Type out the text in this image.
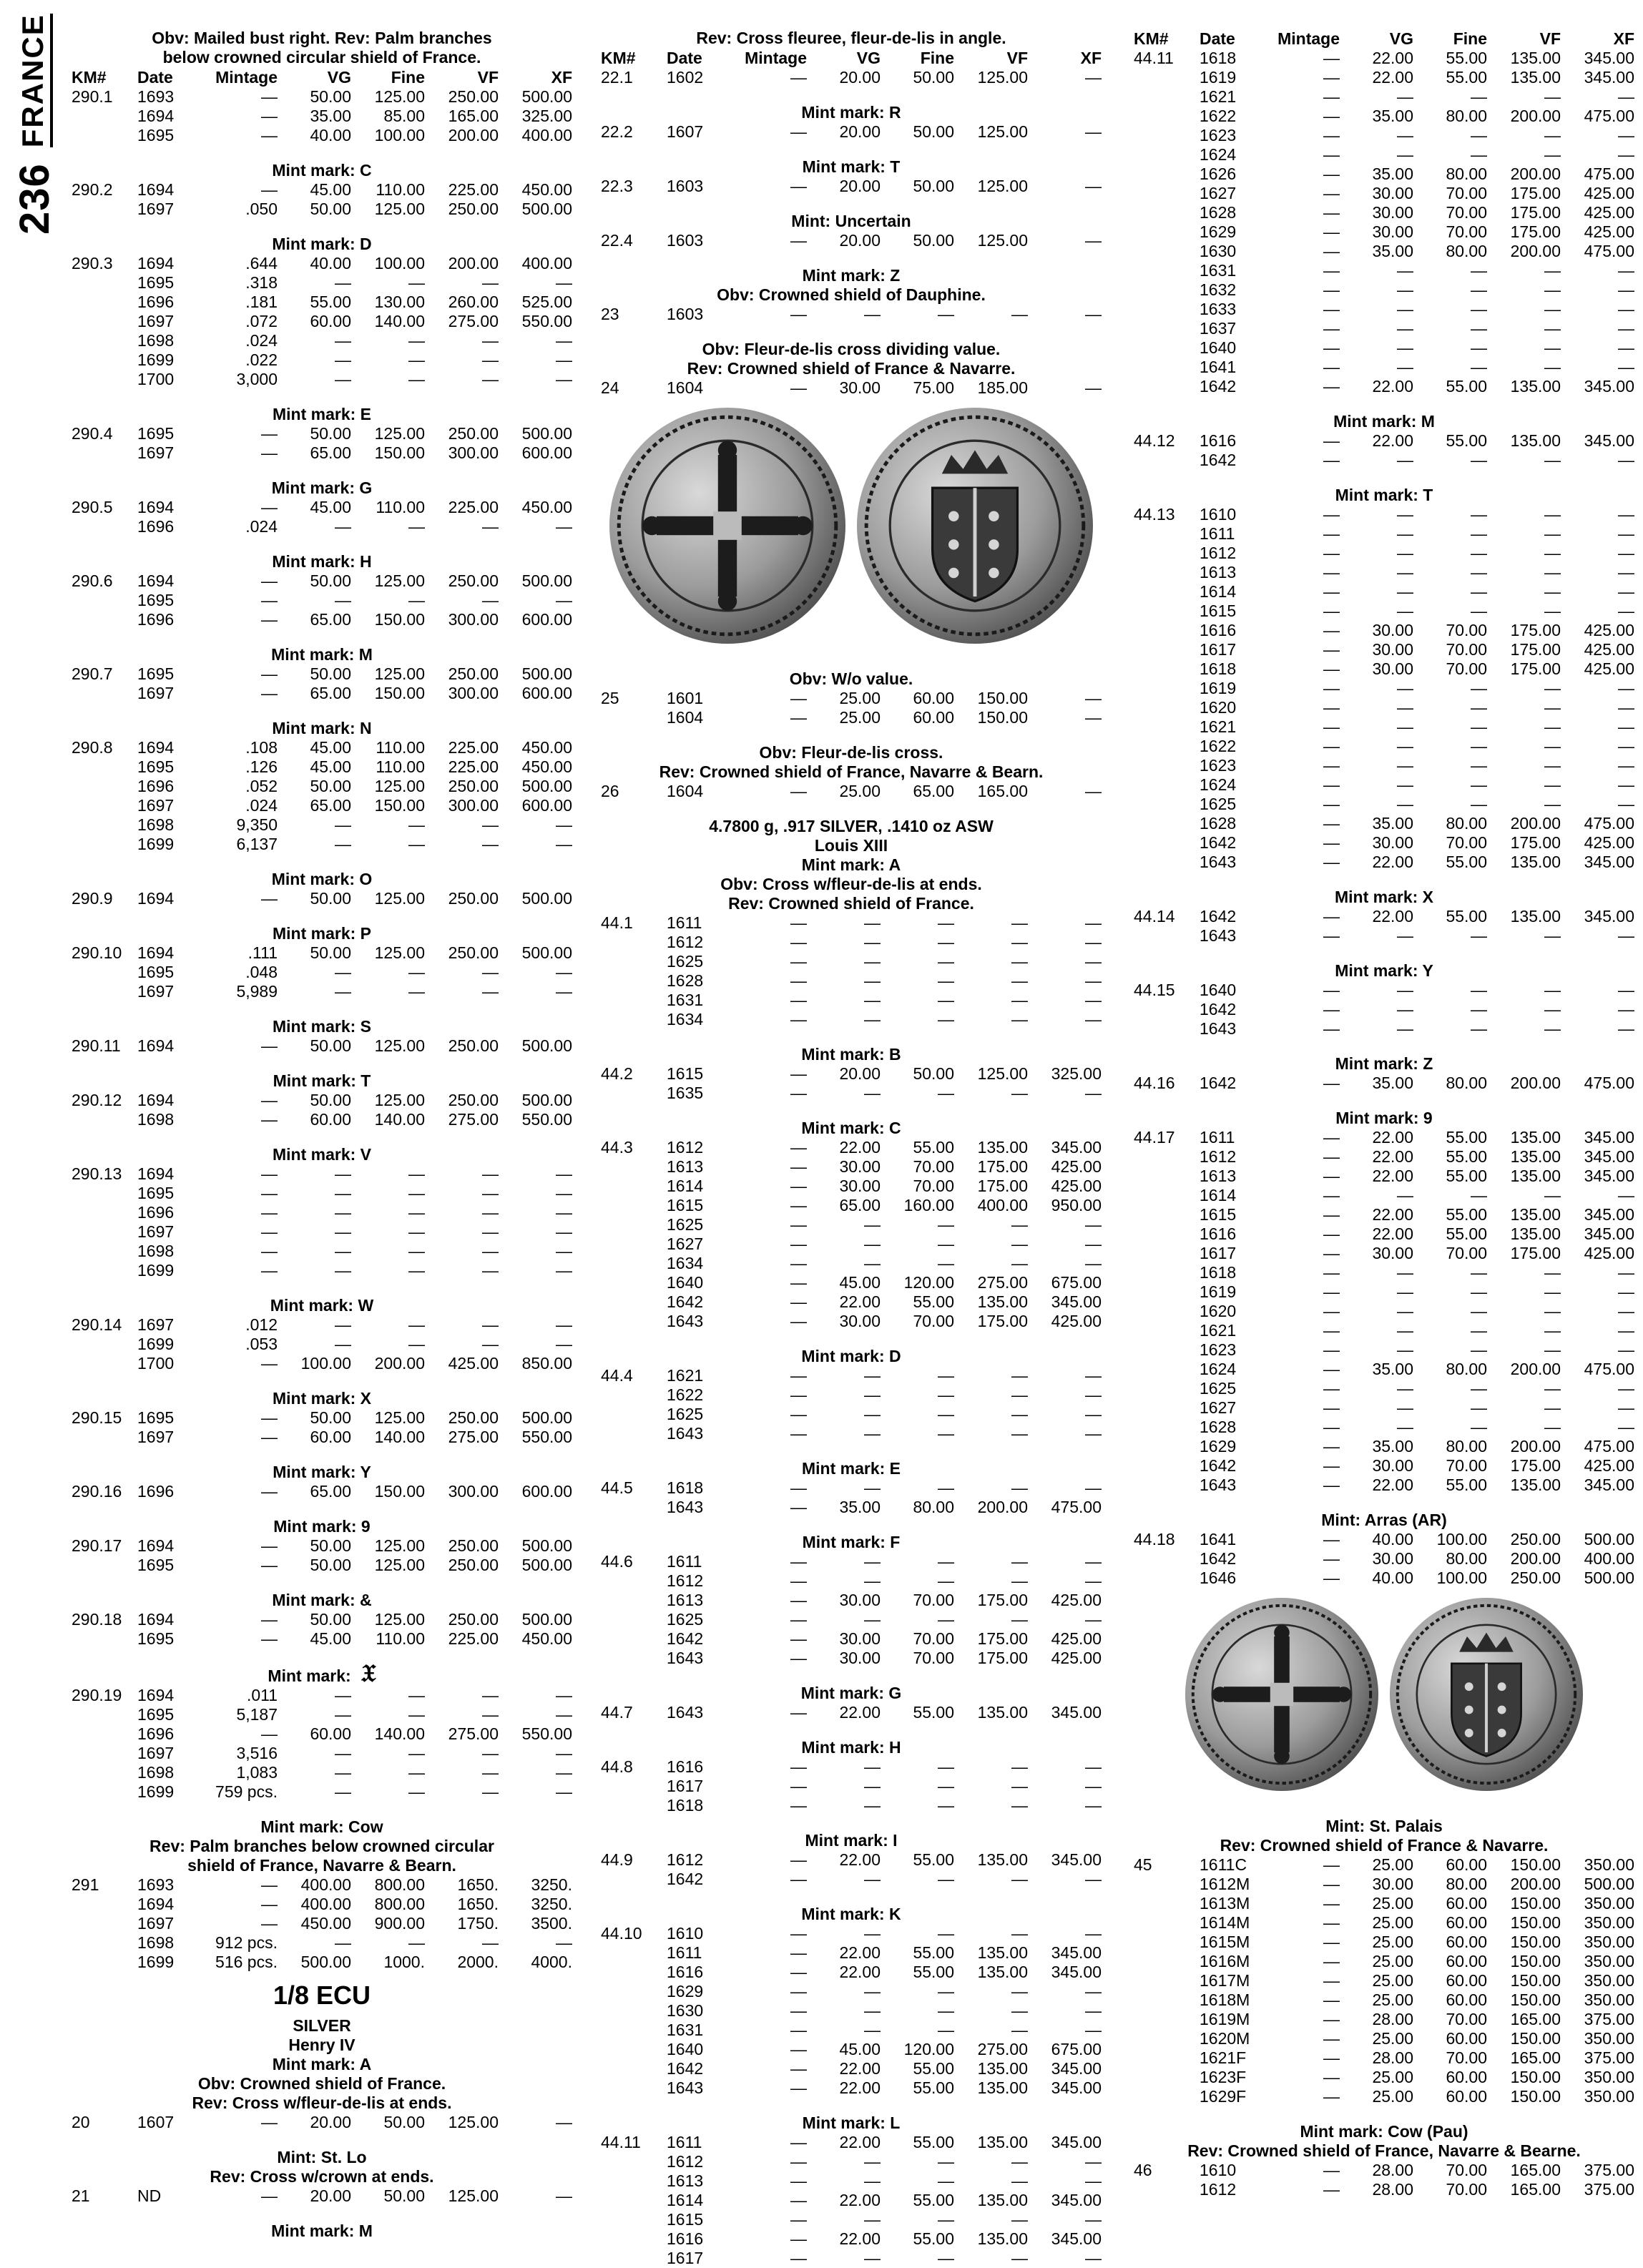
236
FRANCE	Obv: Mailed bust right. Rev: Palm branches
below crowned circular shield of France.
KM#	Date	Mintage	VG	Fine	VF	XF
290.1	1693	—	50.00	125.00	250.00	500.00
1694	—	35.00	85.00	165.00	325.00
1695	—	40.00	100.00	200.00	400.00
Mint mark: C
290.2	1694	—	45.00	110.00	225.00	450.00
1697	.050	50.00	125.00	250.00	500.00
Mint mark: D
290.3	1694	.644	40.00	100.00	200.00	400.00
1695	.318	—	—	—	—
1696	.181	55.00	130.00	260.00	525.00
1697	.072	60.00	140.00	275.00	550.00
1698	.024	—	—	—	—
1699	.022	—	—	—	—
1700	3,000	—	—	—	—
Mint mark: E
290.4	1695	—	50.00	125.00	250.00	500.00
1697	—	65.00	150.00	300.00	600.00
Mint mark: G
290.5	1694	—	45.00	110.00	225.00	450.00
1696	.024	—	—	—	—
Mint mark: H
290.6	1694	—	50.00	125.00	250.00	500.00
1695	—	—	—	—	—
1696	—	65.00	150.00	300.00	600.00
Mint mark: M
290.7	1695	—	50.00	125.00	250.00	500.00
1697	—	65.00	150.00	300.00	600.00
Mint mark: N
290.8	1694	.108	45.00	110.00	225.00	450.00
1695	.126	45.00	110.00	225.00	450.00
1696	.052	50.00	125.00	250.00	500.00
1697	.024	65.00	150.00	300.00	600.00
1698	9,350	—	—	—	—
1699	6,137	—	—	—	—
Mint mark: O
290.9	1694	—	50.00	125.00	250.00	500.00
Mint mark: P
290.10 1694	.111	50.00	125.00	250.00	500.00
1695	.048	—	—	—	—
1697	5,989	—	—	—	—
Mint mark: S
290.11	1694	—	50.00	125.00	250.00	500.00
Mint mark: T
290.12 1694	—	50.00	125.00	250.00	500.00
1698	—	60.00	140.00	275.00	550.00
Mint mark: V
290.13 1694	—	—	—	—	—
1695	—	—	—	—	—
1696	—	—	—	—	—
1697	—	—	—	—	—
1698	—	—	—	—	—
1699	—	—	—	—	—
Mint mark: W
290.14 1697	.012	—	—	—	—
1699	.053	—	—	—	—
1700	—	100.00	200.00	425.00	850.00
Mint mark: X
290.15 1695	—	50.00	125.00	250.00	500.00
1697	—	60.00	140.00	275.00	550.00
Mint mark: Y
290.16 1696	—	65.00	150.00	300.00	600.00
Mint mark: 9
290.17 1694	—	50.00	125.00	250.00	500.00
1695	—	50.00	125.00	250.00	500.00
Mint mark: &
290.18 1694	—	50.00	125.00	250.00	500.00
1695	—	45.00	110.00	225.00	450.00
Mint mark: 𝔛
290.19 1694	.011	—	—	—	—
1695	5,187	—	—	—	—
1696	—	60.00	140.00	275.00	550.00
1697	3,516	—	—	—	—
1698	1,083	—	—	—	—
1699	759 pcs.	—	—	—	—
Mint mark: Cow
Rev: Palm branches below crowned circular
shield of France, Navarre & Bearn.
291	1693	—	400.00	800.00	1650.	3250.
1694	—	400.00	800.00	1650.	3250.
1697	—	450.00	900.00	1750.	3500.
1698	912 pcs.	—	—	—	—
1699	516 pcs.	500.00	1000.	2000.	4000.
1/8 ECU
SILVER
Henry IV
Mint mark: A
Obv: Crowned shield of France.
Rev: Cross w/fleur-de-lis at ends.
20	1607	—	20.00	50.00	125.00	—
Mint: St. Lo
Rev: Cross w/crown at ends.
21	ND	—	20.00	50.00	125.00	—
Mint mark: M
Rev: Cross fleuree, fleur-de-lis in angle.
KM#	Date	Mintage	VG	Fine	VF	XF
22.1	1602	—	20.00	50.00	125.00	—
Mint mark: R
22.2	1607	—	20.00	50.00	125.00	—
Mint mark: T
22.3	1603	—	20.00	50.00	125.00	—
Mint: Uncertain
22.4	1603	—	20.00	50.00	125.00	—
Mint mark: Z
Obv: Crowned shield of Dauphine.
23	1603	—	—	—	—	—
Obv: Fleur-de-lis cross dividing value.
Rev: Crowned shield of France & Navarre.
24	1604	—	30.00	75.00	185.00	—
Obv: W/o value.
25	1601	—	25.00	60.00	150.00	—
1604	—	25.00	60.00	150.00	—
Obv: Fleur-de-lis cross.
Rev: Crowned shield of France, Navarre & Bearn.
26	1604	—	25.00	65.00	165.00	—
4.7800 g, .917 SILVER, .1410 oz ASW
Louis XIII
Mint mark: A
Obv: Cross w/fleur-de-lis at ends.
Rev: Crowned shield of France.
44.1	1611	—	—	—	—	—
1612	—	—	—	—	—
1625	—	—	—	—	—
1628	—	—	—	—	—
1631	—	—	—	—	—
1634	—	—	—	—	—
Mint mark: B
44.2	1615	—	20.00	50.00	125.00	325.00
1635	—	—	—	—	—
Mint mark: C
44.3	1612	—	22.00	55.00	135.00	345.00
1613	—	30.00	70.00	175.00	425.00
1614	—	30.00	70.00	175.00	425.00
1615	—	65.00	160.00	400.00	950.00
1625	—	—	—	—	—
1627	—	—	—	—	—
1634	—	—	—	—	—
1640	—	45.00	120.00	275.00	675.00
1642	—	22.00	55.00	135.00	345.00
1643	—	30.00	70.00	175.00	425.00
Mint mark: D
44.4	1621	—	—	—	—	—
1622	—	—	—	—	—
1625	—	—	—	—	—
1643	—	—	—	—	—
Mint mark: E
44.5	1618	—	—	—	—	—
1643	—	35.00	80.00	200.00	475.00
Mint mark: F
44.6	1611	—	—	—	—	—
1612	—	—	—	—	—
1613	—	30.00	70.00	175.00	425.00
1625	—	—	—	—	—
1642	—	30.00	70.00	175.00	425.00
1643	—	30.00	70.00	175.00	425.00
Mint mark: G
44.7	1643	—	22.00	55.00	135.00	345.00
Mint mark: H
44.8	1616	—	—	—	—	—
1617	—	—	—	—	—
1618	—	—	—	—	—
Mint mark: I
44.9	1612	—	22.00	55.00	135.00	345.00
1642	—	—	—	—	—
Mint mark: K
44.10	1610	—	—	—	—	—
1611	—	22.00	55.00	135.00	345.00
1616	—	22.00	55.00	135.00	345.00
1629	—	—	—	—	—
1630	—	—	—	—	—
1631	—	—	—	—	—
1640	—	45.00	120.00	275.00	675.00
1642	—	22.00	55.00	135.00	345.00
1643	—	22.00	55.00	135.00	345.00
Mint mark: L
44.11	1611	—	22.00	55.00	135.00	345.00
1612	—	—	—	—	—
1613	—	—	—	—	—
1614	—	22.00	55.00	135.00	345.00
1615	—	—	—	—	—
1616	—	22.00	55.00	135.00	345.00
1617	—	—	—	—	—
KM#	Date	Mintage	VG	Fine	VF	XF
44.11	1618	—	22.00	55.00	135.00	345.00
1619	—	22.00	55.00	135.00	345.00
1621	—	—	—	—	—
1622	—	35.00	80.00	200.00	475.00
1623	—	—	—	—	—
1624	—	—	—	—	—
1626	—	35.00	80.00	200.00	475.00
1627	—	30.00	70.00	175.00	425.00
1628	—	30.00	70.00	175.00	425.00
1629	—	30.00	70.00	175.00	425.00
1630	—	35.00	80.00	200.00	475.00
1631	—	—	—	—	—
1632	—	—	—	—	—
1633	—	—	—	—	—
1637	—	—	—	—	—
1640	—	—	—	—	—
1641	—	—	—	—	—
1642	—	22.00	55.00	135.00	345.00
Mint mark: M
44.12	1616	—	22.00	55.00	135.00	345.00
1642	—	—	—	—	—
Mint mark: T
44.13	1610	—	—	—	—	—
1611	—	—	—	—	—
1612	—	—	—	—	—
1613	—	—	—	—	—
1614	—	—	—	—	—
1615	—	—	—	—	—
1616	—	30.00	70.00	175.00	425.00
1617	—	30.00	70.00	175.00	425.00
1618	—	30.00	70.00	175.00	425.00
1619	—	—	—	—	—
1620	—	—	—	—	—
1621	—	—	—	—	—
1622	—	—	—	—	—
1623	—	—	—	—	—
1624	—	—	—	—	—
1625	—	—	—	—	—
1628	—	35.00	80.00	200.00	475.00
1642	—	30.00	70.00	175.00	425.00
1643	—	22.00	55.00	135.00	345.00
Mint mark: X
44.14	1642	—	22.00	55.00	135.00	345.00
1643	—	—	—	—	—
Mint mark: Y
44.15	1640	—	—	—	—	—
1642	—	—	—	—	—
1643	—	—	—	—	—
Mint mark: Z
44.16	1642	—	35.00	80.00	200.00	475.00
Mint mark: 9
44.17	1611	—	22.00	55.00	135.00	345.00
1612	—	22.00	55.00	135.00	345.00
1613	—	22.00	55.00	135.00	345.00
1614	—	—	—	—	—
1615	—	22.00	55.00	135.00	345.00
1616	—	22.00	55.00	135.00	345.00
1617	—	30.00	70.00	175.00	425.00
1618	—	—	—	—	—
1619	—	—	—	—	—
1620	—	—	—	—	—
1621	—	—	—	—	—
1623	—	—	—	—	—
1624	—	35.00	80.00	200.00	475.00
1625	—	—	—	—	—
1627	—	—	—	—	—
1628	—	—	—	—	—
1629	—	35.00	80.00	200.00	475.00
1642	—	30.00	70.00	175.00	425.00
1643	—	22.00	55.00	135.00	345.00
Mint: Arras (AR)
44.18	1641	—	40.00	100.00	250.00	500.00
1642	—	30.00	80.00	200.00	400.00
1646	—	40.00	100.00	250.00	500.00
Mint: St. Palais
Rev: Crowned shield of France & Navarre.
45	1611C	—	25.00	60.00	150.00	350.00
1612M	—	30.00	80.00	200.00	500.00
1613M	—	25.00	60.00	150.00	350.00
1614M	—	25.00	60.00	150.00	350.00
1615M	—	25.00	60.00	150.00	350.00
1616M	—	25.00	60.00	150.00	350.00
1617M	—	25.00	60.00	150.00	350.00
1618M	—	25.00	60.00	150.00	350.00
1619M	—	28.00	70.00	165.00	375.00
1620M	—	25.00	60.00	150.00	350.00
1621F	—	28.00	70.00	165.00	375.00
1623F	—	25.00	60.00	150.00	350.00
1629F	—	25.00	60.00	150.00	350.00
Mint mark: Cow (Pau)
Rev: Crowned shield of France, Navarre & Bearne.
46	1610	—	28.00	70.00	165.00	375.00
1612	—	28.00	70.00	165.00	375.00
